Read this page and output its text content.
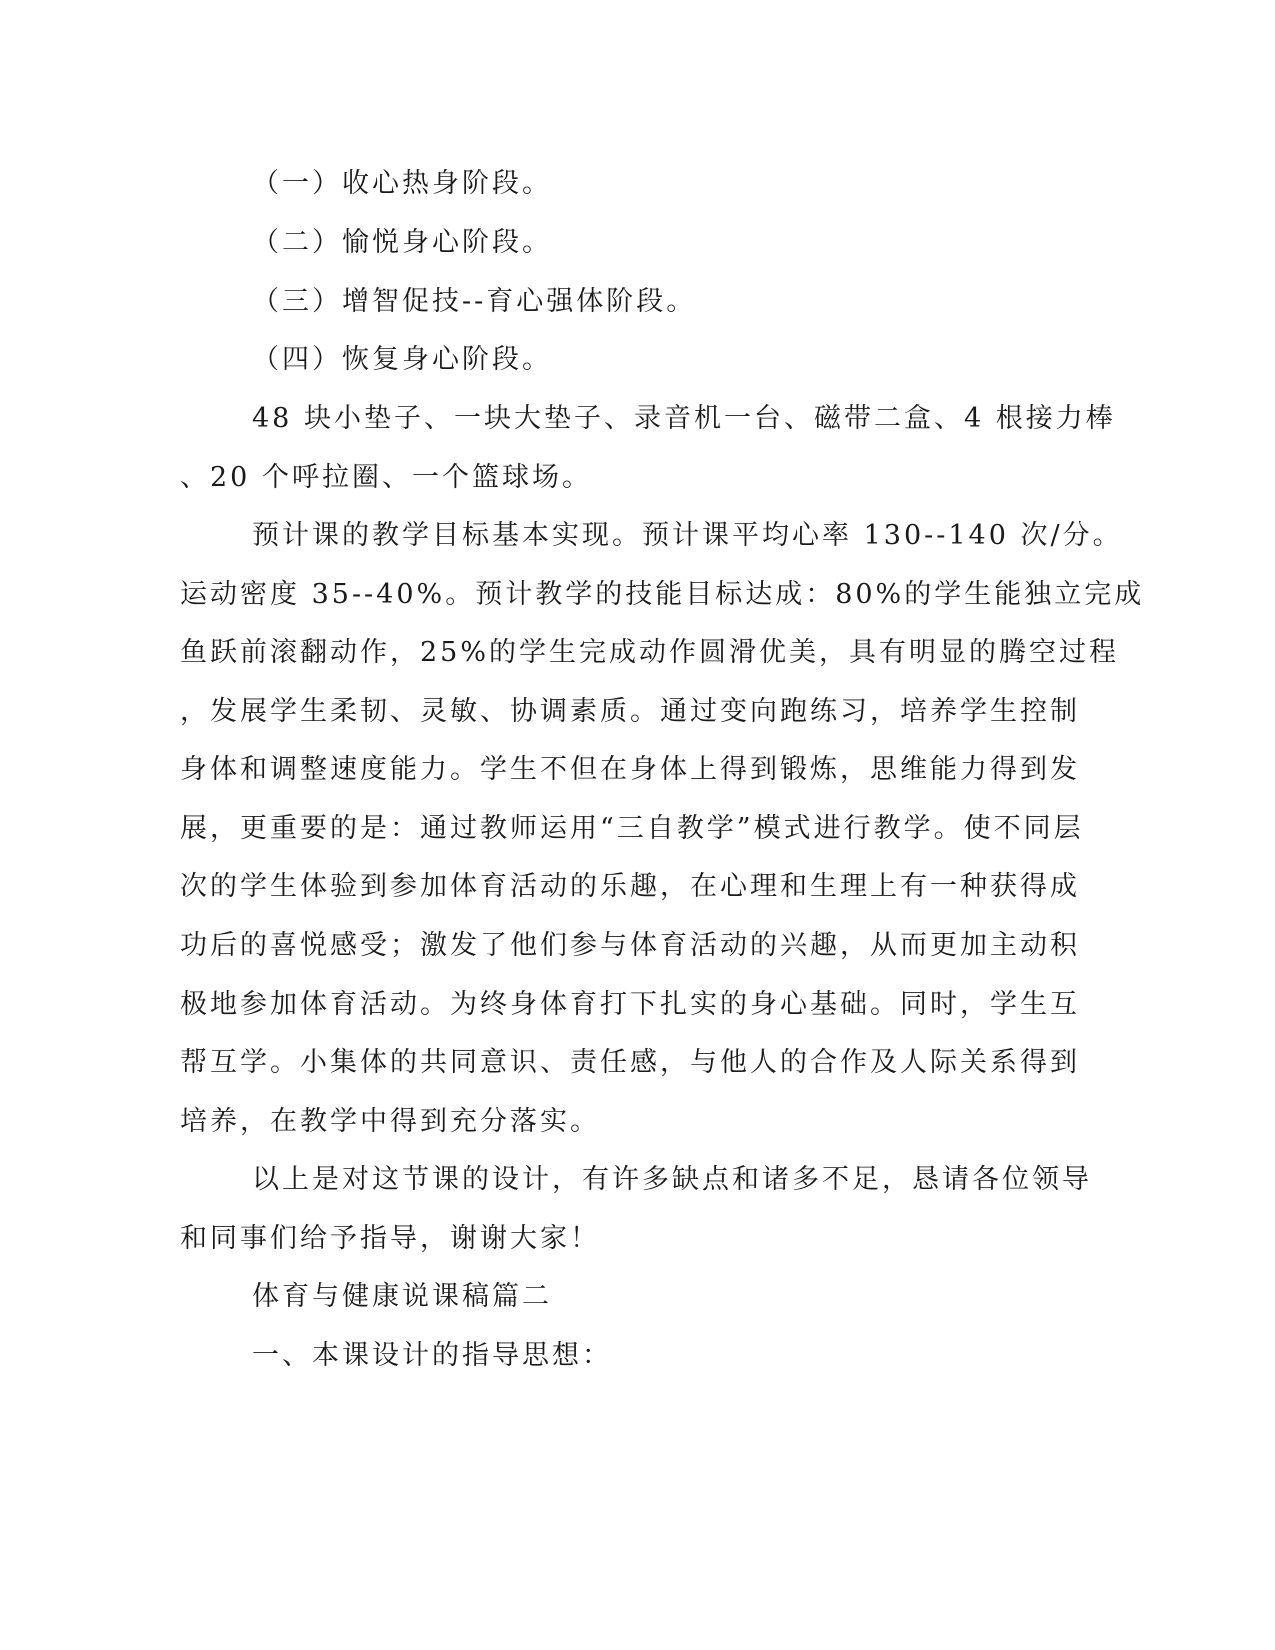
（一）收心热身阶段。
（二）愉悦身心阶段。
（三）增智促技--育心强体阶段。
（四）恢复身心阶段。
48 块小垫子、一块大垫子、录音机一台、磁带二盒、4 根接力棒
、20 个呼拉圈、一个篮球场。
预计课的教学目标基本实现。预计课平均心率 130--140 次/分。
运动密度 35--40%。预计教学的技能目标达成：80%的学生能独立完成
鱼跃前滚翻动作，25%的学生完成动作圆滑优美，具有明显的腾空过程
，发展学生柔韧、灵敏、协调素质。通过变向跑练习，培养学生控制
身体和调整速度能力。学生不但在身体上得到锻炼，思维能力得到发
展，更重要的是：通过教师运用“三自教学”模式进行教学。使不同层
次的学生体验到参加体育活动的乐趣，在心理和生理上有一种获得成
功后的喜悦感受；激发了他们参与体育活动的兴趣，从而更加主动积
极地参加体育活动。为终身体育打下扎实的身心基础。同时，学生互
帮互学。小集体的共同意识、责任感，与他人的合作及人际关系得到
培养，在教学中得到充分落实。
以上是对这节课的设计，有许多缺点和诸多不足，恳请各位领导
和同事们给予指导，谢谢大家！
体育与健康说课稿篇二
一、本课设计的指导思想：
